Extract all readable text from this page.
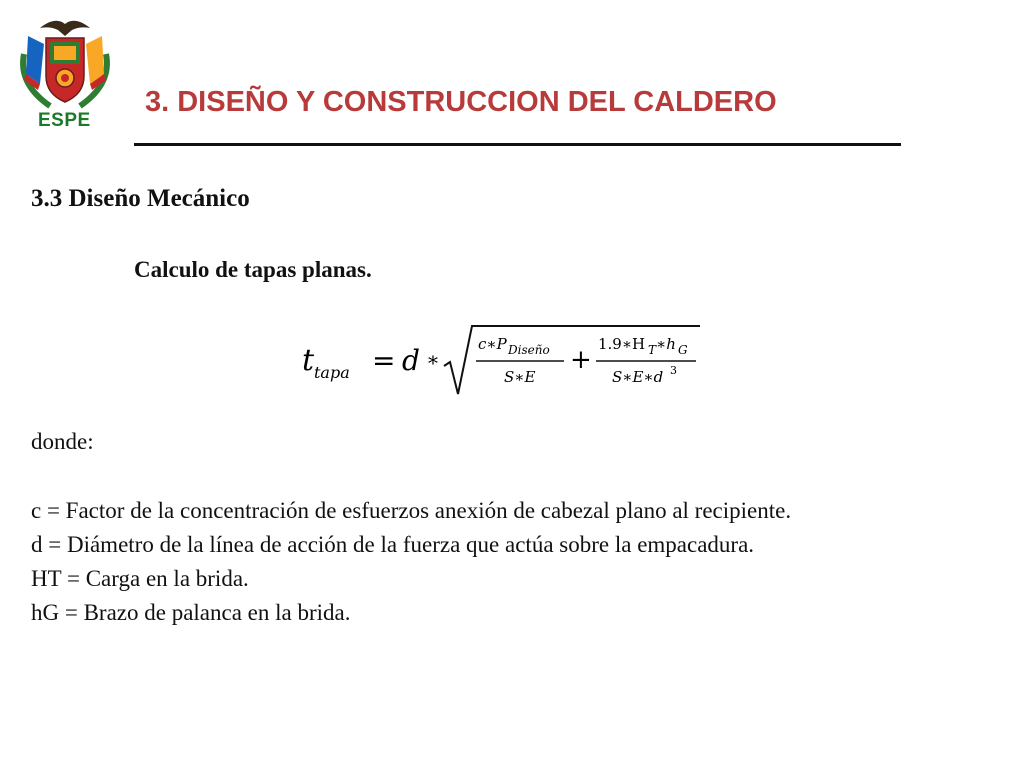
ESPE
3. DISEÑO Y CONSTRUCCION DEL CALDERO
3.3 Diseño Mecánico
Calculo de tapas planas.
t tapa = d *
c∗P Diseño
S∗E
+
1.9∗H T ∗h G
S∗E∗d 3
donde:
c = Factor de la concentración de esfuerzos anexión de cabezal plano al recipiente.
d = Diámetro de la línea de acción de la fuerza que actúa sobre la empacadura.
HT = Carga en la brida.
hG = Brazo de palanca en la brida.
